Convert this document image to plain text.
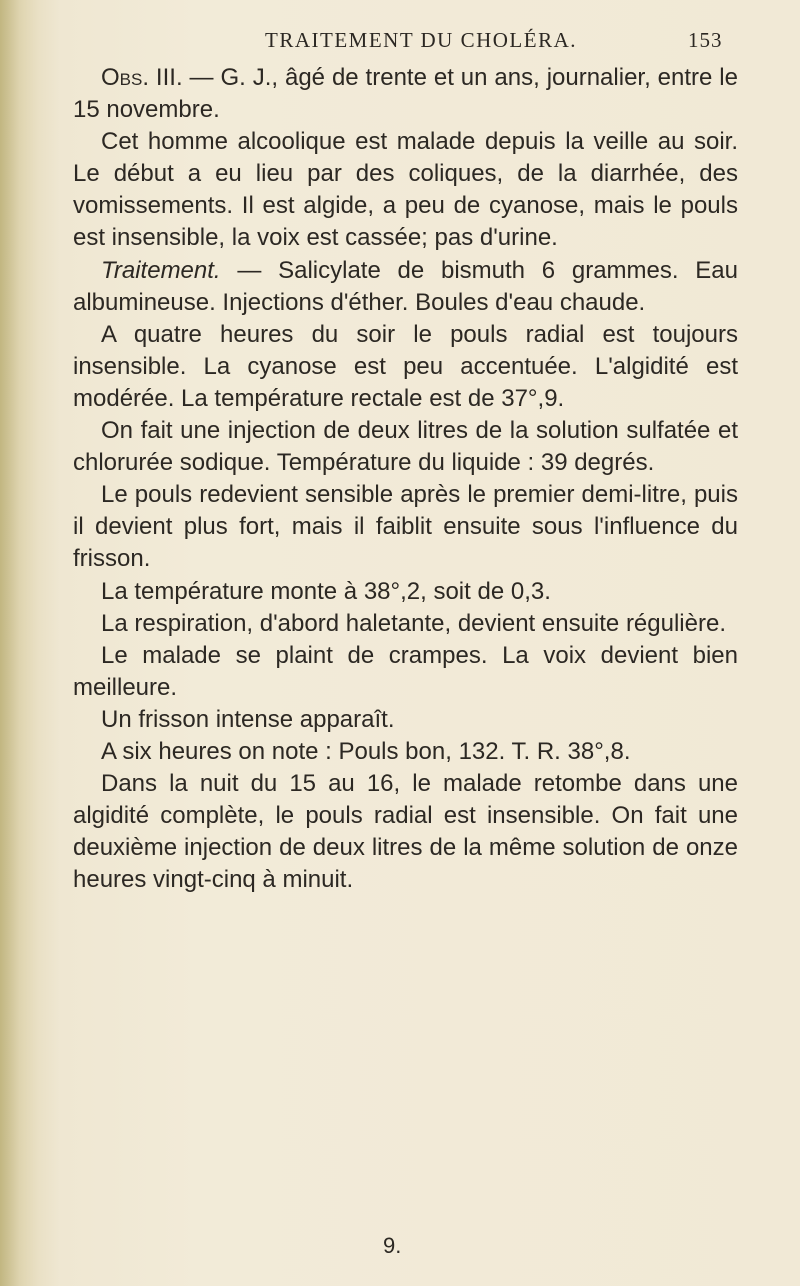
TRAITEMENT DU CHOLÉRA.	153

Obs. III. — G. J., âgé de trente et un ans, journalier, entre le 15 novembre.

Cet homme alcoolique est malade depuis la veille au soir. Le début a eu lieu par des coliques, de la diarrhée, des vomissements. Il est algide, a peu de cyanose, mais le pouls est insensible, la voix est cassée; pas d'urine.

Traitement. — Salicylate de bismuth 6 grammes. Eau albumineuse. Injections d'éther. Boules d'eau chaude.

A quatre heures du soir le pouls radial est toujours insensible. La cyanose est peu accentuée. L'algidité est modérée. La température rectale est de 37°,9.

On fait une injection de deux litres de la solution sulfatée et chlorurée sodique. Température du liquide : 39 degrés.

Le pouls redevient sensible après le premier demi-litre, puis il devient plus fort, mais il faiblit ensuite sous l'influence du frisson.

La température monte à 38°,2, soit de 0,3.

La respiration, d'abord haletante, devient ensuite régulière.

Le malade se plaint de crampes. La voix devient bien meilleure.

Un frisson intense apparaît.

A six heures on note : Pouls bon, 132. T. R. 38°,8.

Dans la nuit du 15 au 16, le malade retombe dans une algidité complète, le pouls radial est insensible. On fait une deuxième injection de deux litres de la même solution de onze heures vingt-cinq à minuit.

9.
